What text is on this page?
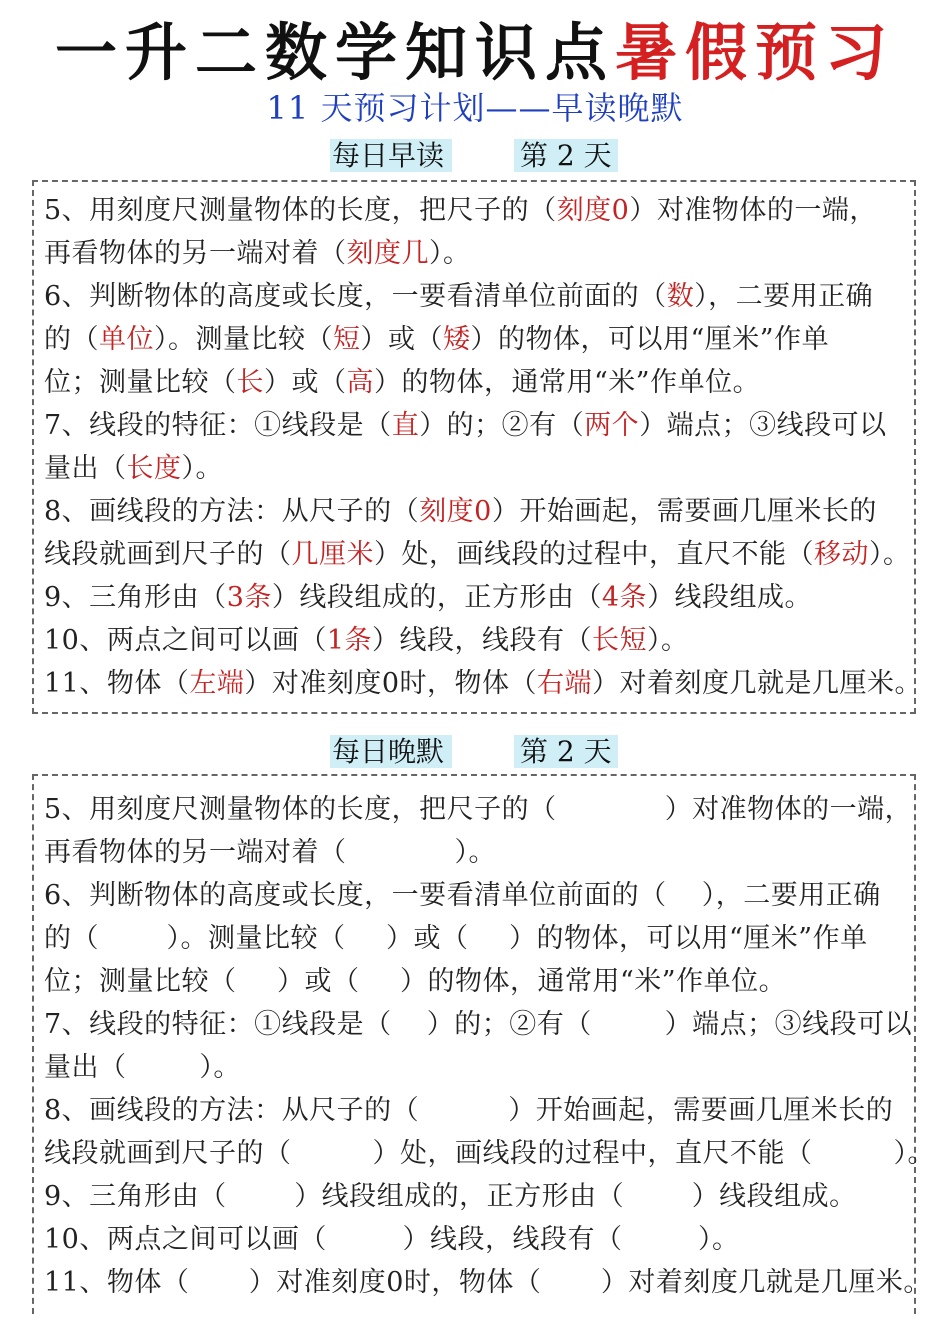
一升二数学知识点暑假预习
11 天预习计划——早读晚默
每日早读	第 2 天
5、用刻度尺测量物体的长度，把尺子的（刻度0）对准物体的一端，
再看物体的另一端对着（刻度几）。
6、判断物体的高度或长度，一要看清单位前面的（数），二要用正确
的（单位）。测量比较（短）或（矮）的物体，可以用“厘米”作单
位；测量比较（长）或（高）的物体，通常用“米”作单位。
7、线段的特征：①线段是（直）的；②有（两个）端点；③线段可以
量出（长度）。
8、画线段的方法：从尺子的（刻度0）开始画起，需要画几厘米长的
线段就画到尺子的（几厘米）处，画线段的过程中，直尺不能（移动）。
9、三角形由（3条）线段组成的，正方形由（4条）线段组成。
10、两点之间可以画（1条）线段，线段有（长短）。
11、物体（左端）对准刻度0时，物体（右端）对着刻度几就是几厘米。
每日晚默	第 2 天
5、用刻度尺测量物体的长度，把尺子的（	）对准物体的一端，
再看物体的另一端对着（	）。
6、判断物体的高度或长度，一要看清单位前面的（ ），二要用正确
的（	）。测量比较（ ）或（ ）的物体，可以用“厘米”作单
位；测量比较（ ）或（ ）的物体，通常用“米”作单位。
7、线段的特征：①线段是（ ）的；②有（	）端点；③线段可以
量出（	）。
8、画线段的方法：从尺子的（	）开始画起，需要画几厘米长的
线段就画到尺子的（	）处，画线段的过程中，直尺不能（	）。
9、三角形由（	）线段组成的，正方形由（	）线段组成。
10、两点之间可以画（	）线段，线段有（	）。
11、物体（ ）对准刻度0时，物体（ ）对着刻度几就是几厘米。
